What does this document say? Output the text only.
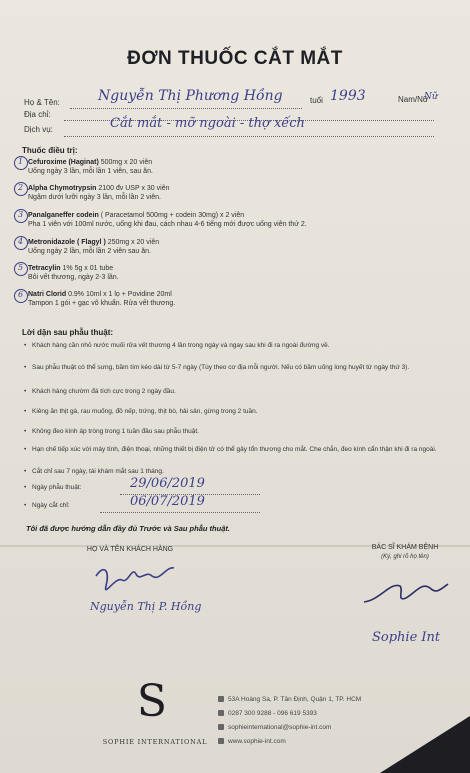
ĐƠN THUỐC CẮT MẮT
Họ & Tên:	Nguyễn Thị Phương Hồng	tuổi 1993	Nam/Nữ
Nữ
Địa chỉ:
Dịch vụ:	Cắt mắt - mỡ ngoài - thợ xếch
Thuốc điều trị:
1 Cefuroxime (Haginat) 500mg x 20 viên
Uống ngày 3 lần, mỗi lần 1 viên, sau ăn.
2 Alpha Chymotrypsin 2100 đv USP x 30 viên
Ngậm dưới lưỡi ngày 3 lần, mỗi lần 2 viên.
3 Panalganeffer codein ( Paracetamol 500mg + codein 30mg) x 2 viên
Pha 1 viên với 100ml nước, uống khi đau, cách nhau 4-6 tiếng mới được uống viên thứ 2.
4 Metronidazole ( Flagyl ) 250mg x 20 viên
Uống ngày 2 lần, mỗi lần 2 viên sau ăn.
5 Tetracylin 1% 5g x 01 tube
Bôi vết thương, ngày 2-3 lần.
6 Natri Clorid 0.9% 10ml x 1 lọ + Povidine 20ml
Tampon 1 gói + gạc vô khuẩn. Rửa vết thương.
Lời dặn sau phẫu thuật:
• Khách hàng cần nhỏ nước muối rửa vết thương 4 lần trong ngày và ngay sau khi đi ra ngoài đường về.
• Sau phẫu thuật có thể sưng, bầm tím kéo dài từ 5-7 ngày (Tùy theo cơ địa mỗi người. Nếu có bầm uống long huyết từ ngày thứ 3).
• Khách hàng chườm đá tích cực trong 2 ngày đầu.
• Kiêng ăn thịt gà, rau muống, đồ nếp, trứng, thịt bò, hải sản, gừng trong 2 tuần.
• Không đeo kính áp tròng trong 1 tuần đầu sau phẫu thuật.
• Hạn chế tiếp xúc với máy tính, điện thoại, những thiết bị điện tử có thể gây tổn thương cho mắt. Che chắn, đeo kính cẩn thận khi đi ra ngoài.
• Cắt chỉ sau 7 ngày, tái khám mắt sau 1 tháng.
• Ngày phẫu thuật:	29/06/2019
• Ngày cắt chỉ:	06/07/2019
Tôi đã được hướng dẫn đầy đủ Trước và Sau phẫu thuật.
HỌ VÀ TÊN KHÁCH HÀNG	BÁC SĨ KHÁM BỆNH
(Ký, ghi rõ họ tên)
Nguyễn Thị P. Hồng
Sophie Int
S
SOPHIE INTERNATIONAL
53A Hoàng Sa, P. Tân Định, Quận 1, TP. HCM
0287 300 9288 - 096 619 5393
sophieinternational@sophie-int.com
www.sophie-int.com
